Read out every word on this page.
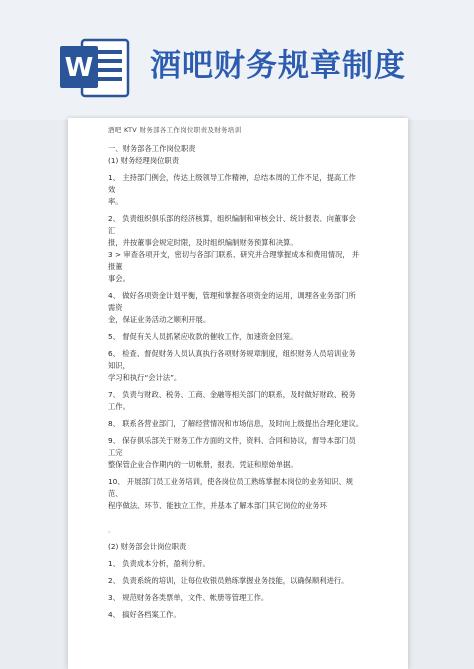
W 酒吧财务规章制度

酒吧 KTV 财务部各工作岗位职责及财务培训

一、财务部各工作岗位职责

(1) 财务经理岗位职责

1、 主持部门例会，传达上级领导工作精神，总结本周的工作不足，提高工作 效

率。

2、 负责组织俱乐部的经济核算，组织编制和审核会计、统计报表、向董事会 汇

报，并按董事会规定时限，及时组织编制财务预算和决算。

3 > 审查各项开支，密切与各部门联系、研究并合理掌握成本和费用情况， 并报董

事会。

4、 做好各项资金计划平衡，管理和掌握各项资金的运用，调理各业务部门所 需资

金，保证业务活动之顺利开展。

5、 督促有关人员抓紧应收款的催收工作，加速资金回笼。

6、 检查、督促财务人员认真执行各项财务规章制度，组织财务人员培训业务 知识，

学习和执行“会计法”。

7、 负责与财政、税务、工商、金融等相关部门的联系，及时做好财政、税务 工作。

8、 联系各营业部门，了解经营情况和市场信息，及时向上级提出合理化建议。

9、 保存俱乐部关于财务工作方面的文件，资料、合同和协议，督导本部门员 工完

整保管企业合作期内的一切帐册，报表、凭证和原始单据。

10、 开展部门员工业务培训，使各岗位员工熟练掌握本岗位的业务知识、规 范、

程序做法、环节、能独立工作，并基本了解本部门其它岗位的业务环

。

(2) 财务部会计岗位职责

1、 负责成本分析，盈利分析。

2、 负责系统的培训，让每位收银员熟练掌握业务技能，以确保顺利进行。

3、 规范财务各类票单，文件、帐册等管理工作。

4、 搞好各档案工作。
